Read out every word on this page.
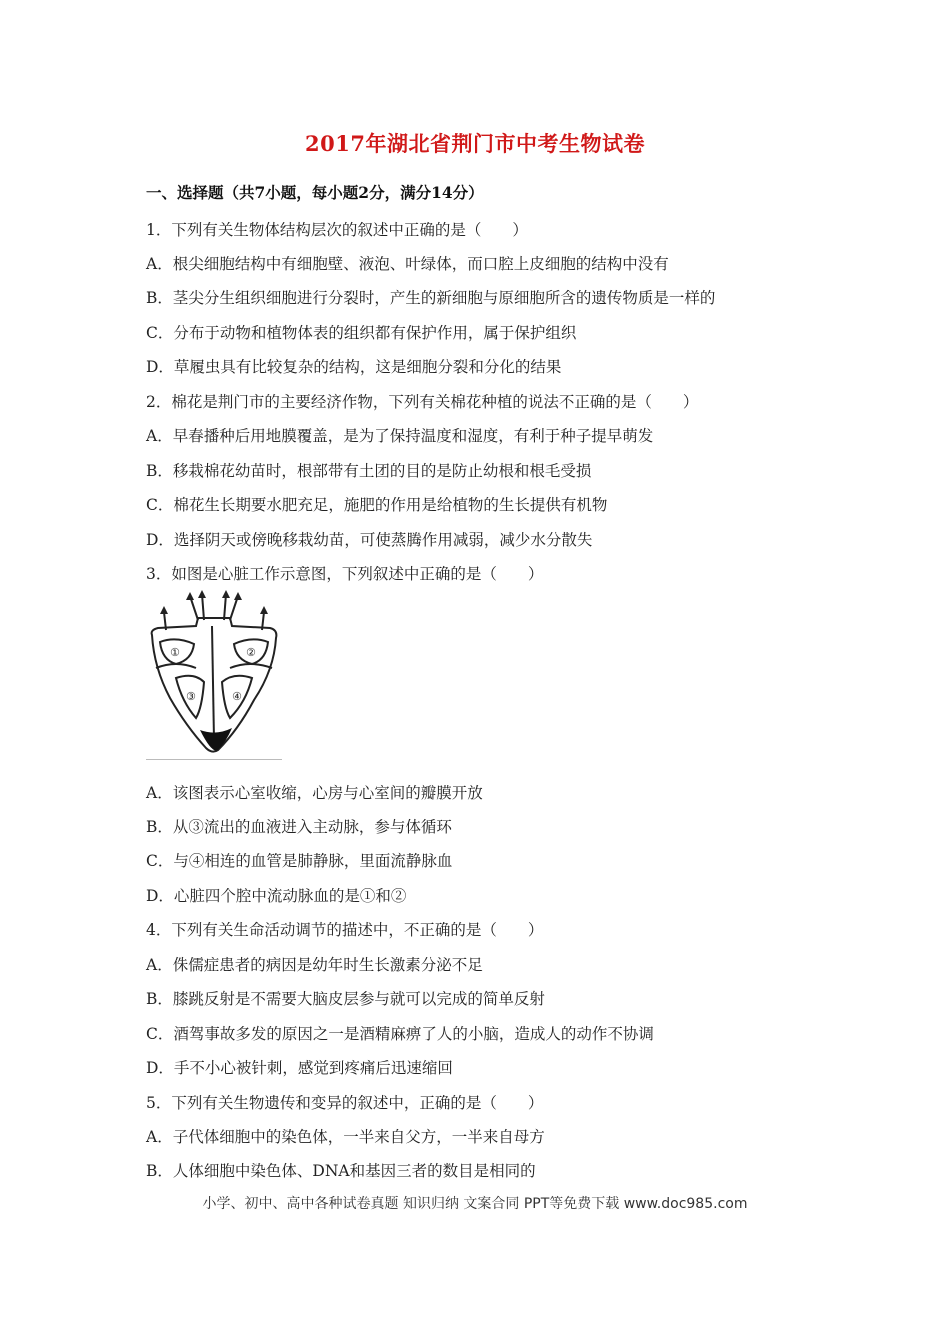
2017年湖北省荆门市中考生物试卷
一、选择题（共7小题，每小题2分，满分14分）
1．下列有关生物体结构层次的叙述中正确的是（　　）
A．根尖细胞结构中有细胞壁、液泡、叶绿体，而口腔上皮细胞的结构中没有
B．茎尖分生组织细胞进行分裂时，产生的新细胞与原细胞所含的遗传物质是一样的
C．分布于动物和植物体表的组织都有保护作用，属于保护组织
D．草履虫具有比较复杂的结构，这是细胞分裂和分化的结果
2．棉花是荆门市的主要经济作物，下列有关棉花种植的说法不正确的是（　　）
A．早春播种后用地膜覆盖，是为了保持温度和湿度，有利于种子提早萌发
B．移栽棉花幼苗时，根部带有土团的目的是防止幼根和根毛受损
C．棉花生长期要水肥充足，施肥的作用是给植物的生长提供有机物
D．选择阴天或傍晚移栽幼苗，可使蒸腾作用减弱，减少水分散失
3．如图是心脏工作示意图，下列叙述中正确的是（　　）
①	②
③	④
A．该图表示心室收缩，心房与心室间的瓣膜开放
B．从③流出的血液进入主动脉，参与体循环
C．与④相连的血管是肺静脉，里面流静脉血
D．心脏四个腔中流动脉血的是①和②
4．下列有关生命活动调节的描述中，不正确的是（　　）
A．侏儒症患者的病因是幼年时生长激素分泌不足
B．膝跳反射是不需要大脑皮层参与就可以完成的简单反射
C．酒驾事故多发的原因之一是酒精麻痹了人的小脑，造成人的动作不协调
D．手不小心被针刺，感觉到疼痛后迅速缩回
5．下列有关生物遗传和变异的叙述中，正确的是（　　）
A．子代体细胞中的染色体，一半来自父方，一半来自母方
B．人体细胞中染色体、DNA和基因三者的数目是相同的
小学、初中、高中各种试卷真题 知识归纳 文案合同 PPT等免费下载 www.doc985.com
